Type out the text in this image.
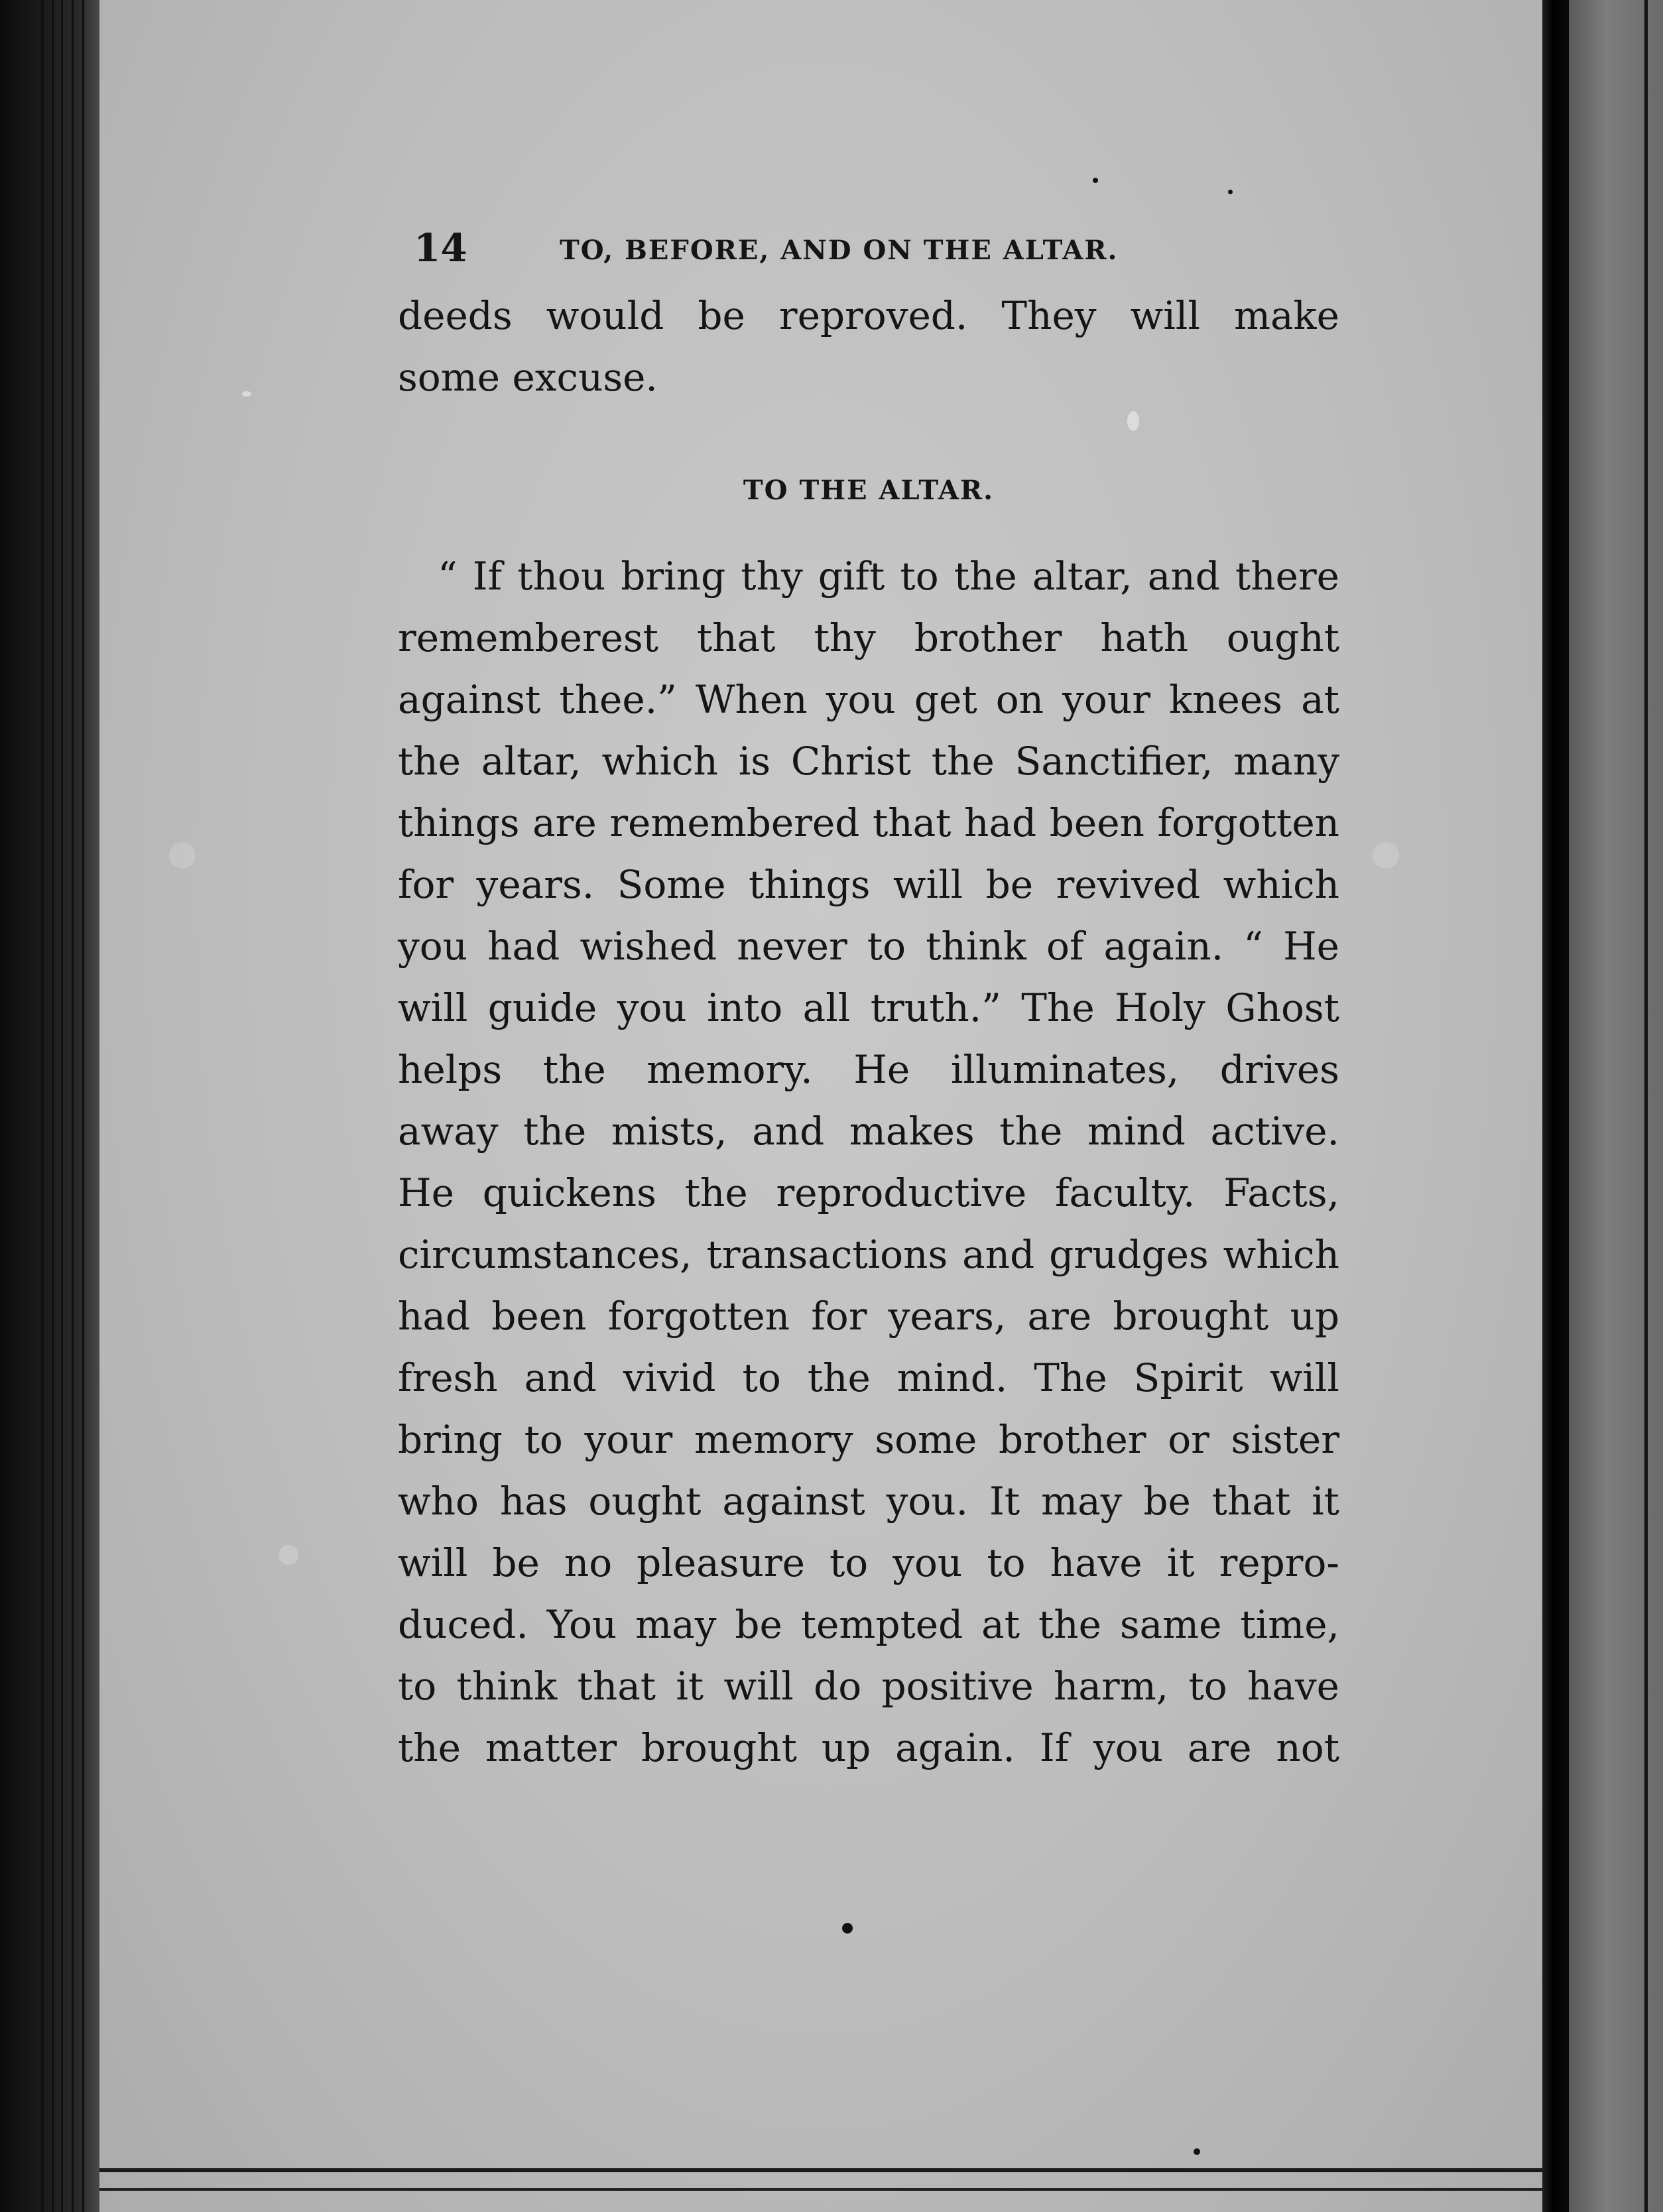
14	TO, BEFORE, AND ON THE ALTAR.

deeds would be reproved. They will make
some excuse.

TO THE ALTAR.

“ If thou bring thy gift to the altar, and there
rememberest that thy brother hath ought
against thee.” When you get on your knees at
the altar, which is Christ the Sanctifier, many
things are remembered that had been forgotten
for years. Some things will be revived which
you had wished never to think of again. “ He
will guide you into all truth.” The Holy Ghost
helps the memory. He illuminates, drives
away the mists, and makes the mind active.
He quickens the reproductive faculty. Facts,
circumstances, transactions and grudges which
had been forgotten for years, are brought up
fresh and vivid to the mind. The Spirit will
bring to your memory some brother or sister
who has ought against you. It may be that it
will be no pleasure to you to have it repro-
duced. You may be tempted at the same time,
to think that it will do positive harm, to have
the matter brought up again. If you are not
